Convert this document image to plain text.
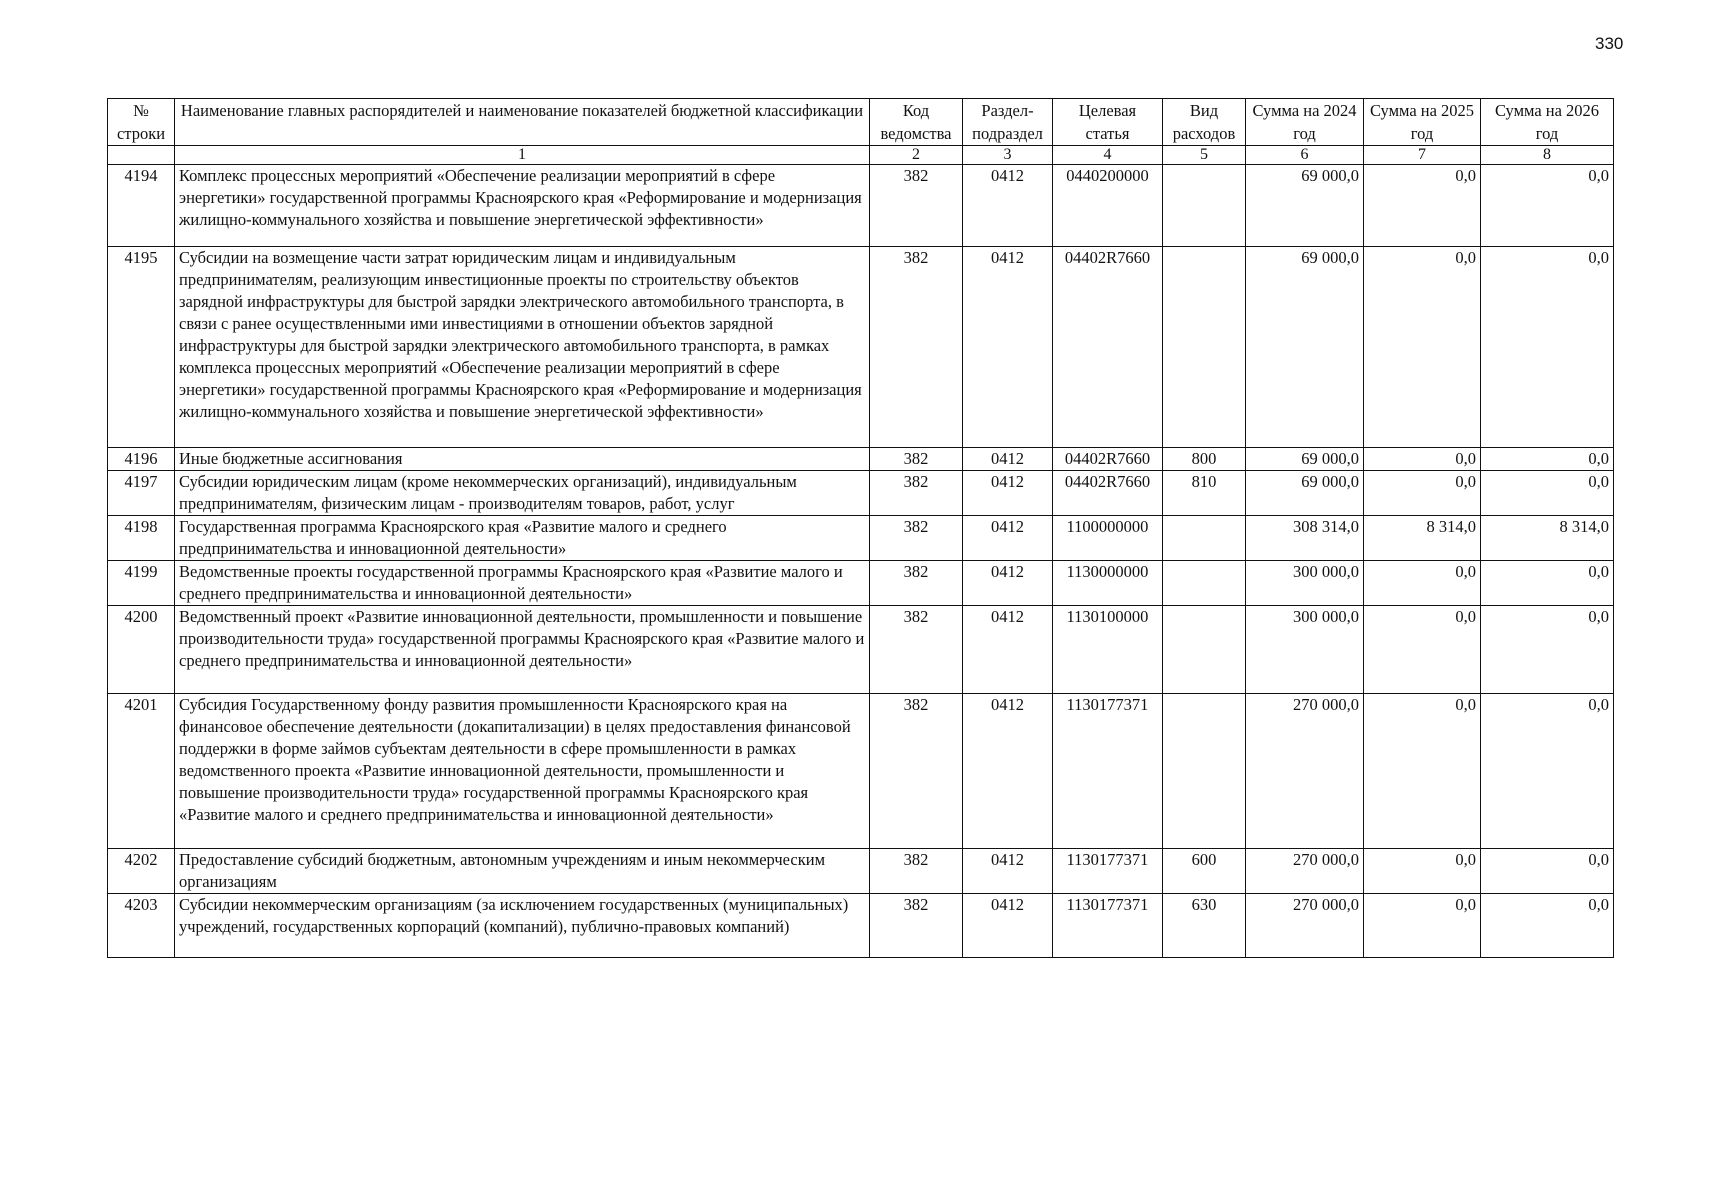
330
№ строки	Наименование главных распорядителей и наименование показателей бюджетной классификации	Код ведомства	Раздел-подраздел	Целевая статья	Вид расходов	Сумма на 2024 год	Сумма на 2025 год	Сумма на 2026 год
	1	2	3	4	5	6	7	8
4194	Комплекс процессных мероприятий «Обеспечение реализации мероприятий в сфере энергетики» государственной программы Красноярского края «Реформирование и модернизация жилищно-коммунального хозяйства и повышение энергетической эффективности»	382	0412	0440200000		69 000,0	0,0	0,0
4195	Субсидии на возмещение части затрат юридическим лицам и индивидуальным предпринимателям, реализующим инвестиционные проекты по строительству объектов зарядной инфраструктуры для быстрой зарядки электрического автомобильного транспорта, в связи с ранее осуществленными ими инвестициями в отношении объектов зарядной инфраструктуры для быстрой зарядки электрического автомобильного транспорта, в рамках комплекса процессных мероприятий «Обеспечение реализации мероприятий в сфере энергетики» государственной программы Красноярского края «Реформирование и модернизация жилищно-коммунального хозяйства и повышение энергетической эффективности»	382	0412	04402R7660		69 000,0	0,0	0,0
4196	Иные бюджетные ассигнования	382	0412	04402R7660	800	69 000,0	0,0	0,0
4197	Субсидии юридическим лицам (кроме некоммерческих организаций), индивидуальным предпринимателям, физическим лицам - производителям товаров, работ, услуг	382	0412	04402R7660	810	69 000,0	0,0	0,0
4198	Государственная программа Красноярского края «Развитие малого и среднего предпринимательства и инновационной деятельности»	382	0412	1100000000		308 314,0	8 314,0	8 314,0
4199	Ведомственные проекты государственной программы Красноярского края «Развитие малого и среднего предпринимательства и инновационной деятельности»	382	0412	1130000000		300 000,0	0,0	0,0
4200	Ведомственный проект «Развитие инновационной деятельности, промышленности и повышение производительности труда» государственной программы Красноярского края «Развитие малого и среднего предпринимательства и инновационной деятельности»	382	0412	1130100000		300 000,0	0,0	0,0
4201	Субсидия Государственному фонду развития промышленности Красноярского края на финансовое обеспечение деятельности (докапитализации) в целях предоставления финансовой поддержки в форме займов субъектам деятельности в сфере промышленности в рамках ведомственного проекта «Развитие инновационной деятельности, промышленности и повышение производительности труда» государственной программы Красноярского края «Развитие малого и среднего предпринимательства и инновационной деятельности»	382	0412	1130177371		270 000,0	0,0	0,0
4202	Предоставление субсидий бюджетным, автономным учреждениям и иным некоммерческим организациям	382	0412	1130177371	600	270 000,0	0,0	0,0
4203	Субсидии некоммерческим организациям (за исключением государственных (муниципальных) учреждений, государственных корпораций (компаний), публично-правовых компаний)	382	0412	1130177371	630	270 000,0	0,0	0,0
